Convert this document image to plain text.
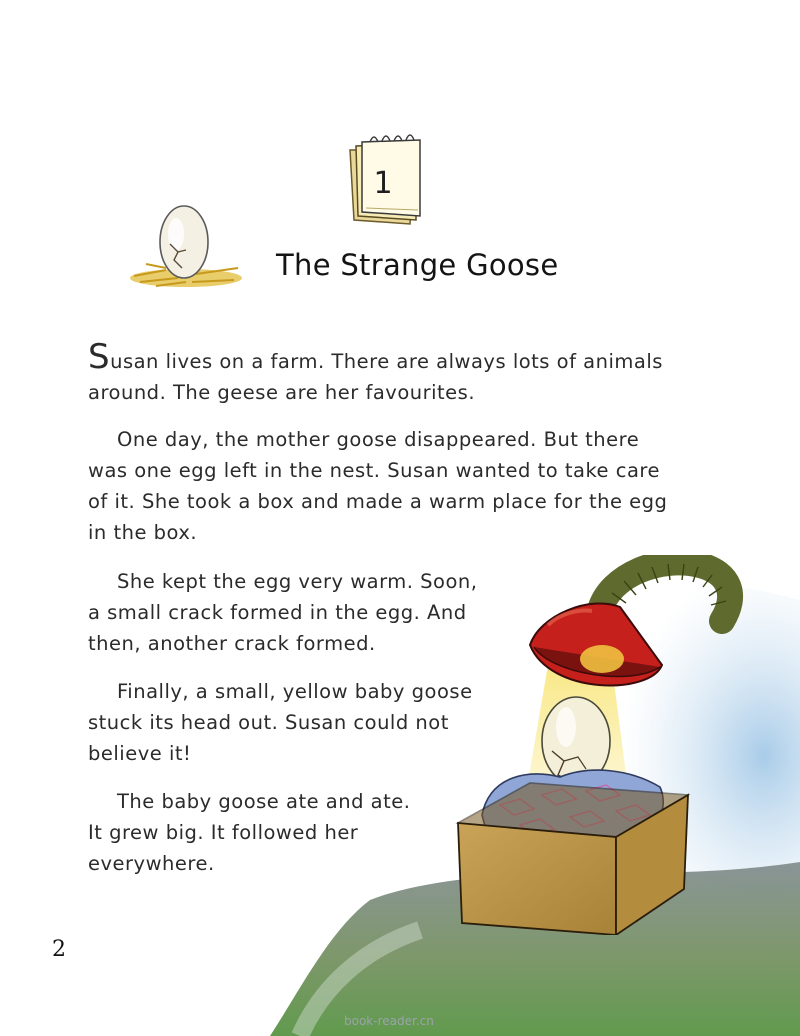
1
The Strange Goose
Susan lives on a farm. There are always lots of animals
around. The geese are her favourites.
One day, the mother goose disappeared. But there
was one egg left in the nest. Susan wanted to take care
of it. She took a box and made a warm place for the egg
in the box.
She kept the egg very warm. Soon,
a small crack formed in the egg. And
then, another crack formed.
Finally, a small, yellow baby goose
stuck its head out. Susan could not
believe it!
The baby goose ate and ate.
It grew big. It followed her
everywhere.
2
book-reader.cn
